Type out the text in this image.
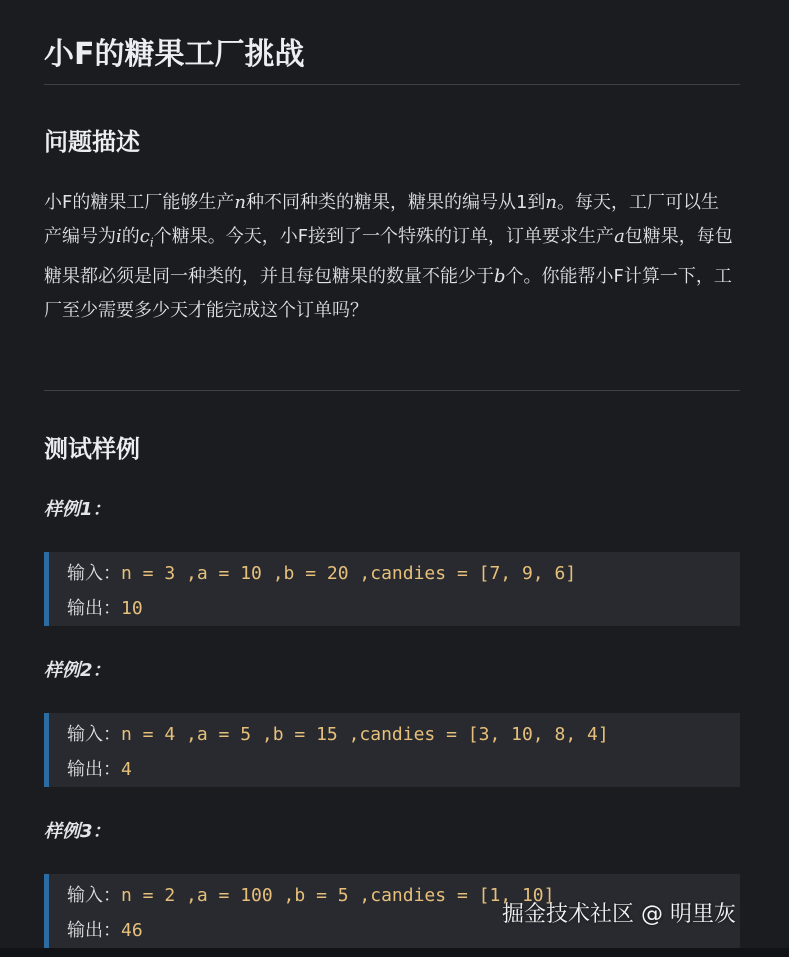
小F的糖果工厂挑战
问题描述
小F的糖果工厂能够生产n种不同种类的糖果，糖果的编号从1到n。每天，工厂可以生产编号为i的$c_i$个糖果。今天，小F接到了一个特殊的订单，订单要求生产a包糖果，每包糖果都必须是同一种类的，并且每包糖果的数量不能少于b个。你能帮小F计算一下，工厂至少需要多少天才能完成这个订单吗？
测试样例
样例1：
输入：n = 3 ,a = 10 ,b = 20 ,candies = [7, 9, 6]
输出：10
样例2：
输入：n = 4 ,a = 5 ,b = 15 ,candies = [3, 10, 8, 4]
输出：4
样例3：
输入：n = 2 ,a = 100 ,b = 5 ,candies = [1, 10]
输出：46
掘金技术社区 @ 明里灰
